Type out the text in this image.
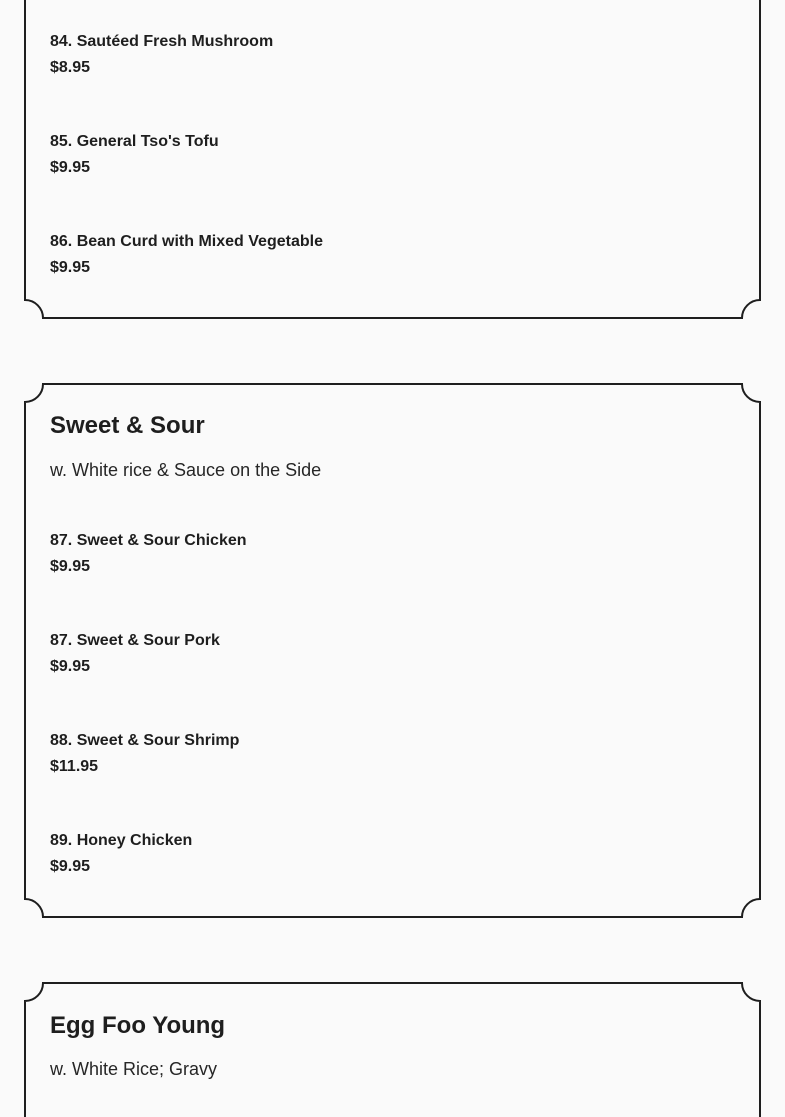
84. Sautéed Fresh Mushroom
$8.95
85. General Tso's Tofu
$9.95
86. Bean Curd with Mixed Vegetable
$9.95
Sweet & Sour
w. White rice & Sauce on the Side
87. Sweet & Sour Chicken
$9.95
87. Sweet & Sour Pork
$9.95
88. Sweet & Sour Shrimp
$11.95
89. Honey Chicken
$9.95
Egg Foo Young
w. White Rice; Gravy
